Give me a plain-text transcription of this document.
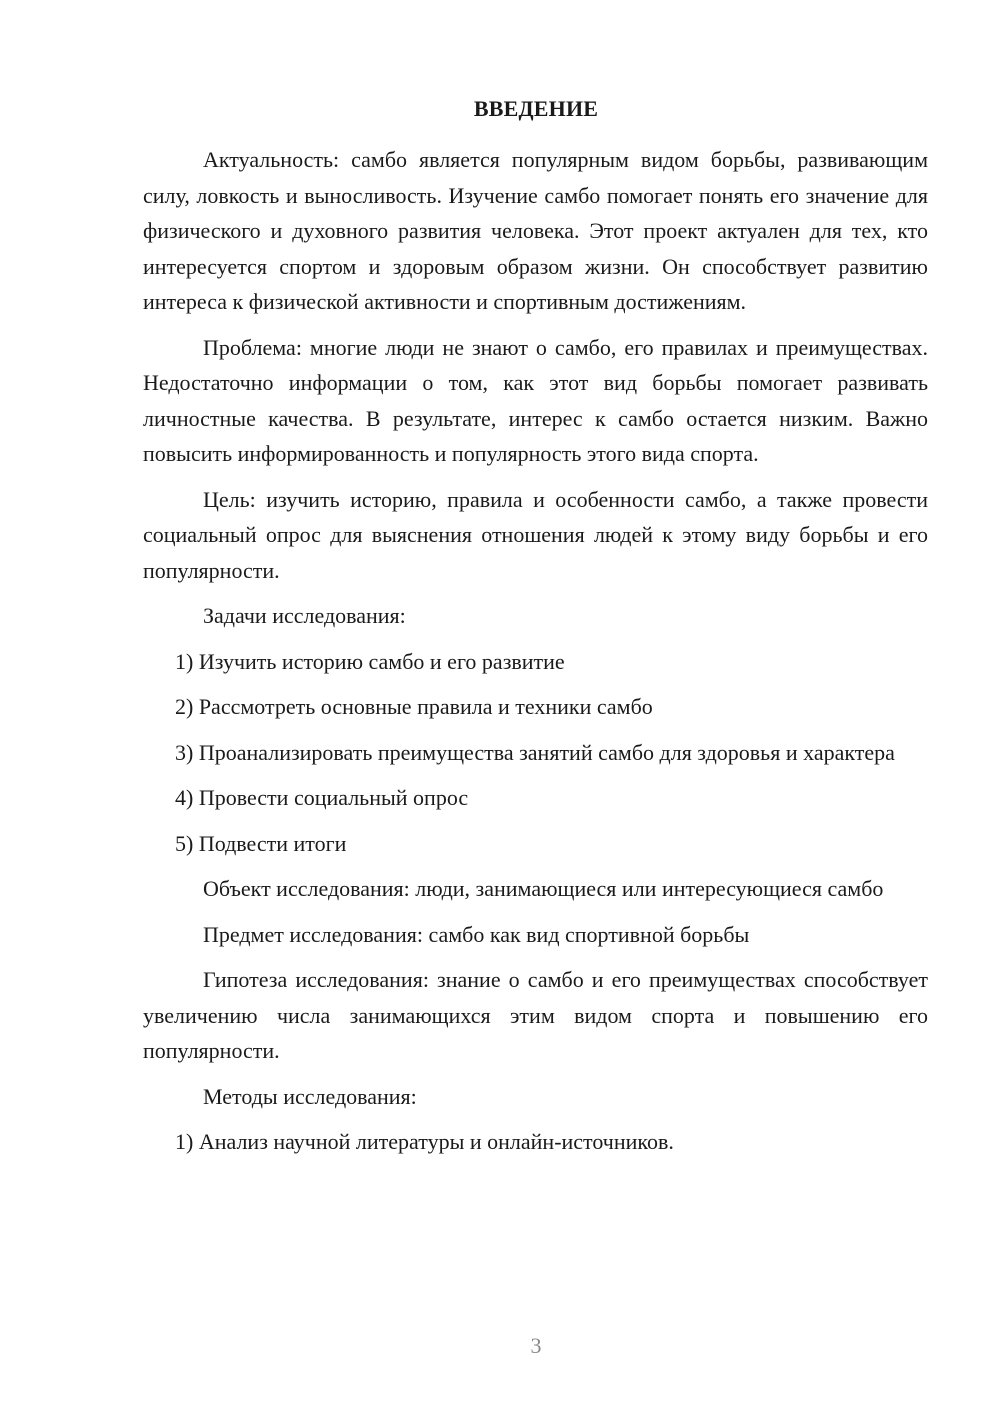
ВВЕДЕНИЕ

Актуальность: самбо является популярным видом борьбы, развивающим силу, ловкость и выносливость. Изучение самбо помогает понять его значение для физического и духовного развития человека. Этот проект актуален для тех, кто интересуется спортом и здоровым образом жизни. Он способствует развитию интереса к физической активности и спортивным достижениям.

Проблема: многие люди не знают о самбо, его правилах и преимуществах. Недостаточно информации о том, как этот вид борьбы помогает развивать личностные качества. В результате, интерес к самбо остается низким. Важно повысить информированность и популярность этого вида спорта.

Цель: изучить историю, правила и особенности самбо, а также провести социальный опрос для выяснения отношения людей к этому виду борьбы и его популярности.

Задачи исследования:

1) Изучить историю самбо и его развитие

2) Рассмотреть основные правила и техники самбо

3) Проанализировать преимущества занятий самбо для здоровья и характера

4) Провести социальный опрос

5) Подвести итоги

Объект исследования: люди, занимающиеся или интересующиеся самбо

Предмет исследования: самбо как вид спортивной борьбы

Гипотеза исследования: знание о самбо и его преимуществах способствует увеличению числа занимающихся этим видом спорта и повышению его популярности.

Методы исследования:

1) Анализ научной литературы и онлайн-источников.

3
